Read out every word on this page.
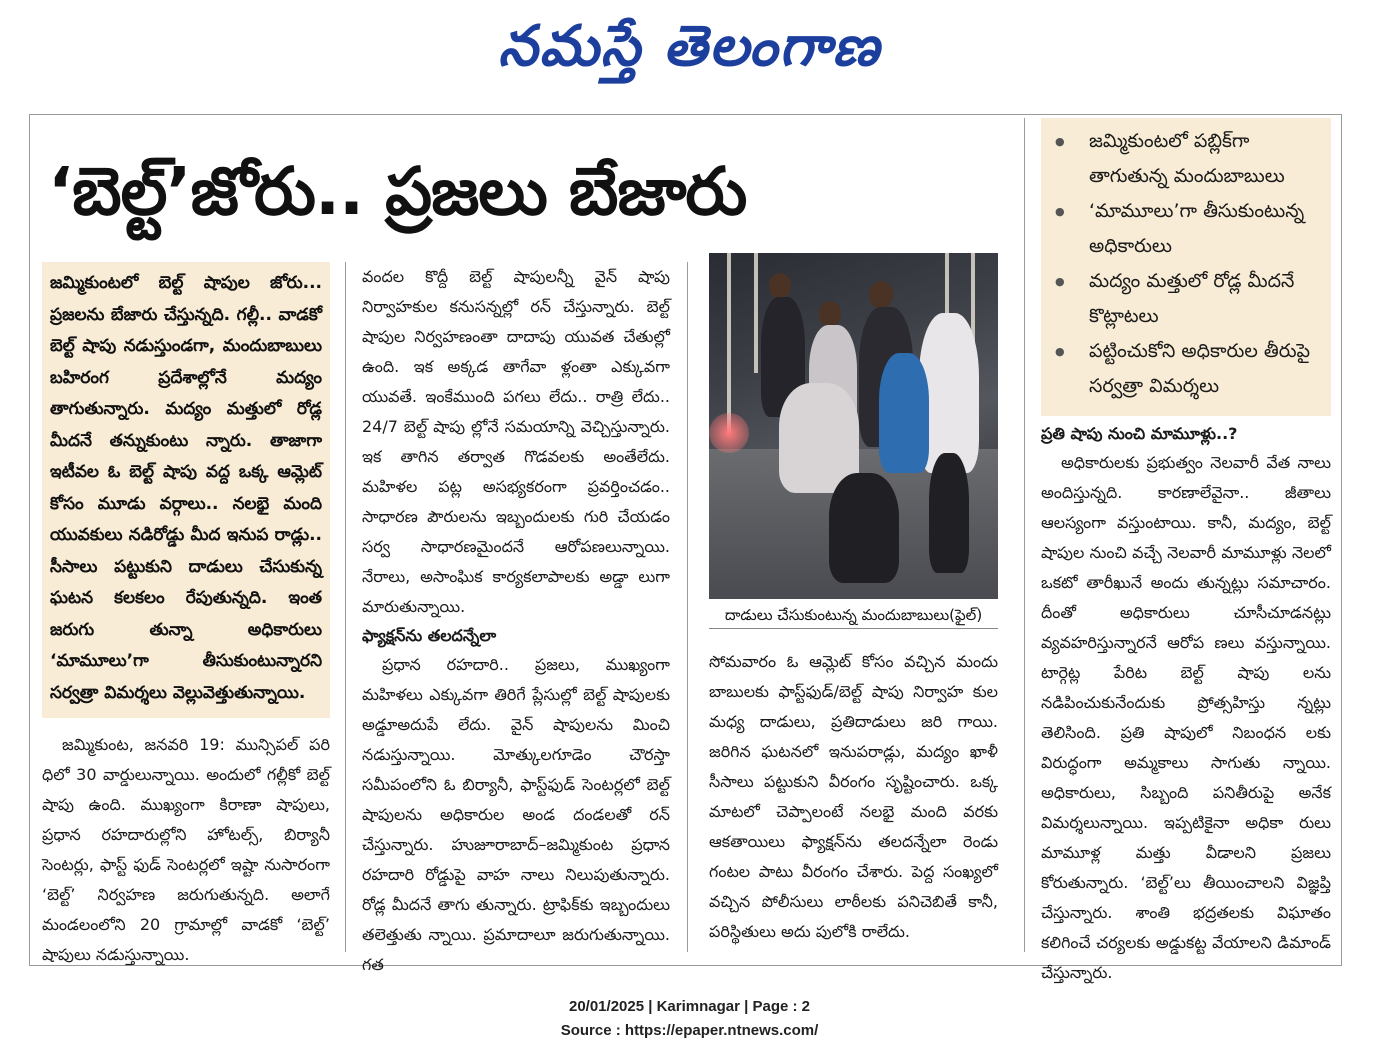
నమస్తే తెలంగాణ
‘బెల్ట్’జోరు.. ప్రజలు బేజారు
● జమ్మికుంటలో పబ్లిక్‌గా తాగుతున్న మందుబాబులు
● ‘మామూలు’గా తీసుకుంటున్న అధికారులు
● మద్యం మత్తులో రోడ్ల మీదనే కొట్లాటలు
● పట్టించుకోని అధికారుల తీరుపై సర్వత్రా విమర్శలు
జమ్మికుంటలో బెల్ట్ షాపుల జోరు... ప్రజలను బేజారు చేస్తున్నది. గల్లీ.. వాడకో బెల్ట్ షాపు నడుస్తుండగా, మందుబాబులు బహిరంగ ప్రదేశాల్లోనే మద్యం తాగుతున్నారు. మద్యం మత్తులో రోడ్ల మీదనే తన్నుకుంటు న్నారు. తాజాగా ఇటీవల ఓ బెల్ట్ షాపు వద్ద ఒక్క ఆమ్లెట్ కోసం మూడు వర్గాలు.. నలభై మంది యువకులు నడిరోడ్డు మీద ఇనుప రాడ్లు.. సీసాలు పట్టుకుని దాడులు చేసుకున్న ఘటన కలకలం రేపుతున్నది. ఇంత జరుగు తున్నా అధికారులు ‘మామూలు’గా తీసుకుంటున్నారని సర్వత్రా విమర్శలు వెల్లువెత్తుతున్నాయి.

జమ్మికుంట, జనవరి 19: మున్సిపల్ పరి ధిలో 30 వార్డులున్నాయి. అందులో గల్లీకో బెల్ట్ షాపు ఉంది. ముఖ్యంగా కిరాణా షాపులు, ప్రధాన రహదారుల్లోని హోటల్స్, బిర్యానీ సెంటర్లు, ఫాస్ట్ ఫుడ్ సెంటర్లలో ఇష్టా నుసారంగా ‘బెల్ట్’ నిర్వహణ జరుగుతున్నది. అలాగే మండలంలోని 20 గ్రామాల్లో వాడకో ‘బెల్ట్’ షాపులు నడుస్తున్నాయి.

వందల కొద్దీ బెల్ట్ షాపులన్నీ వైన్ షాపు నిర్వాహకుల కనుసన్నల్లో రన్ చేస్తున్నారు. బెల్ట్ షాపుల నిర్వహణంతా దాదాపు యువత చేతుల్లో ఉంది. ఇక అక్కడ తాగేవా ళ్లంతా ఎక్కువగా యువతే. ఇంకేముంది పగలు లేదు.. రాత్రి లేదు.. 24/7 బెల్ట్ షాపు ల్లోనే సమయాన్ని వెచ్చిస్తున్నారు. ఇక తాగిన తర్వాత గొడవలకు అంతేలేదు. మహిళల పట్ల అసభ్యకరంగా ప్రవర్తించడం.. సాధారణ పౌరులను ఇబ్బందులకు గురి చేయడం సర్వ సాధారణమైందనే ఆరోపణలున్నాయి. నేరాలు, అసాంఘిక కార్యకలాపాలకు అడ్డా లుగా మారుతున్నాయి.

ఫ్యాక్షన్‌ను తలదన్నేలా

ప్రధాన రహదారి.. ప్రజలు, ముఖ్యంగా మహిళలు ఎక్కువగా తిరిగే ప్లేసుల్లో బెల్ట్ షాపులకు అడ్డూఅదుపే లేదు. వైన్ షాపులను మించి నడుస్తున్నాయి. మోత్కులగూడెం చౌరస్తా సమీపంలోని ఓ బిర్యానీ, ఫాస్ట్‌ఫుడ్ సెంటర్లలో బెల్ట్ షాపులను అధికారుల అండ దండలతో రన్ చేస్తున్నారు. హుజూరాబాద్–జమ్మికుంట ప్రధాన రహదారి రోడ్డుపై వాహ నాలు నిలుపుతున్నారు. రోడ్ల మీదనే తాగు తున్నారు. ట్రాఫిక్‌కు ఇబ్బందులు తలెత్తుతు న్నాయి. ప్రమాదాలూ జరుగుతున్నాయి. గత

దాడులు చేసుకుంటున్న మందుబాబులు(ఫైల్)

సోమవారం ఓ ఆమ్లెట్ కోసం వచ్చిన మందు బాబులకు ఫాస్ట్‌ఫుడ్/బెల్ట్ షాపు నిర్వాహ కుల మధ్య దాడులు, ప్రతిదాడులు జరి గాయి. జరిగిన ఘటనలో ఇనుపరాడ్లు, మద్యం ఖాళీ సీసాలు పట్టుకుని వీరంగం సృష్టించారు. ఒక్క మాటలో చెప్పాలంటే నలభై మంది వరకు ఆకతాయిలు ఫ్యాక్షన్‌ను తలదన్నేలా రెండు గంటల పాటు వీరంగం చేశారు. పెద్ద సంఖ్యలో వచ్చిన పోలీసులు లాఠీలకు పనిచెబితే కానీ, పరిస్థితులు అదు పులోకి రాలేదు.

ప్రతి షాపు నుంచి మామూళ్లు..?

అధికారులకు ప్రభుత్వం నెలవారీ వేత నాలు అందిస్తున్నది. కారణాలేవైనా.. జీతాలు ఆలస్యంగా వస్తుంటాయి. కానీ, మద్యం, బెల్ట్ షాపుల నుంచి వచ్చే నెలవారీ మామూళ్లు నెలలో ఒకటో తారీఖునే అందు తున్నట్లు సమాచారం. దీంతో అధికారులు చూసీచూడనట్లు వ్యవహరిస్తున్నారనే ఆరోప ణలు వస్తున్నాయి. టార్గెట్ల పేరిట బెల్ట్ షాపు లను నడిపించుకునేందుకు ప్రోత్సహిస్తు న్నట్లు తెలిసింది. ప్రతి షాపులో నిబంధన లకు విరుద్ధంగా అమ్మకాలు సాగుతు న్నాయి. అధికారులు, సిబ్బంది పనితీరుపై అనేక విమర్శలున్నాయి. ఇప్పటికైనా అధికా రులు మామూళ్ల మత్తు వీడాలని ప్రజలు కోరుతున్నారు. ‘బెల్ట్’లు తీయించాలని విజ్ఞప్తి చేస్తున్నారు. శాంతి భద్రతలకు విఘాతం కలిగించే చర్యలకు అడ్డుకట్ట వేయాలని డిమాండ్ చేస్తున్నారు.

20/01/2025 | Karimnagar | Page : 2
Source : https://epaper.ntnews.com/
